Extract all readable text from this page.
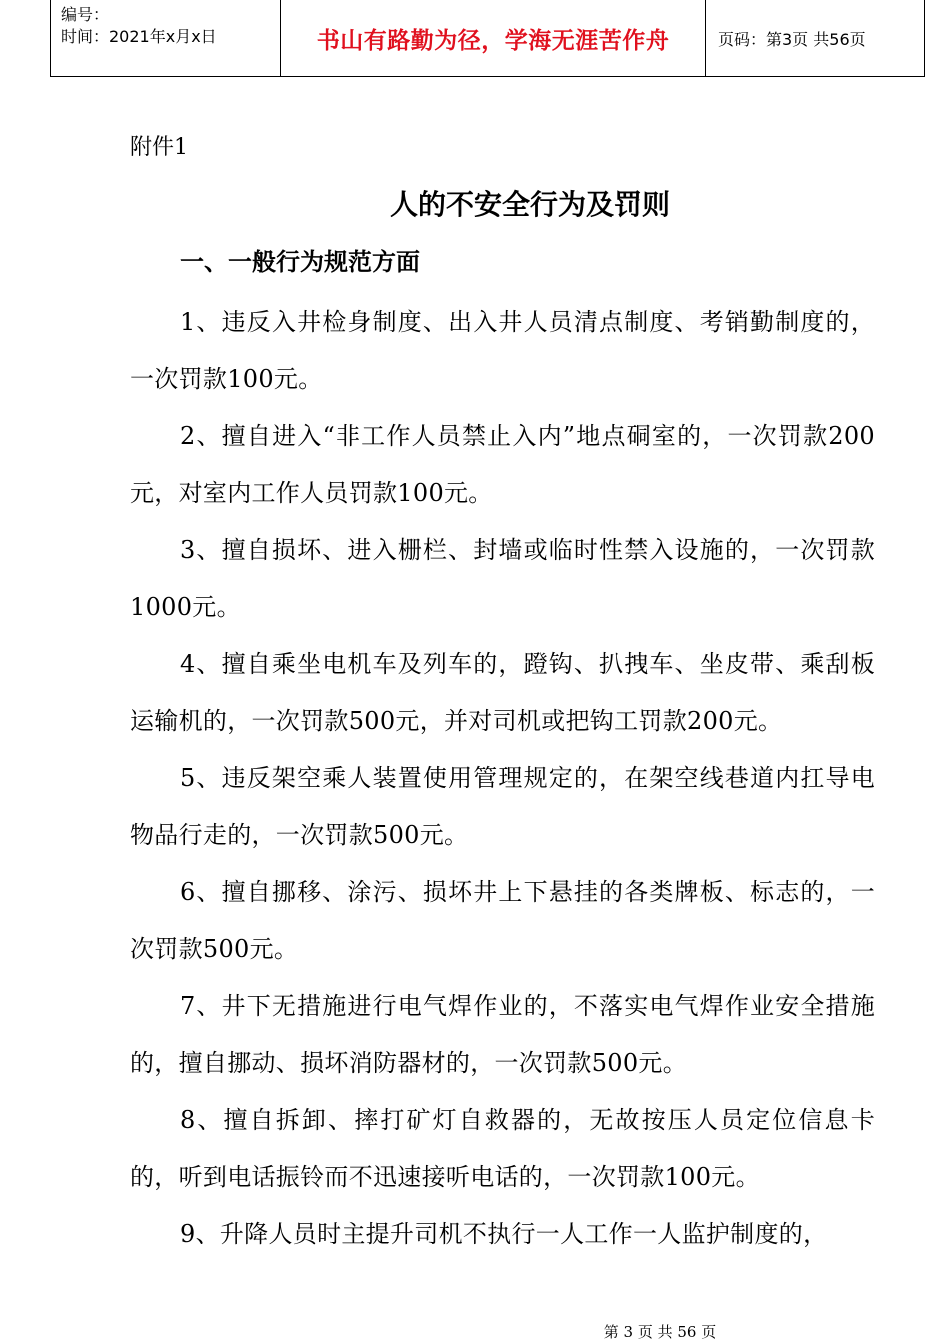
编号：
时间：2021年x月x日	书山有路勤为径，学海无涯苦作舟	页码：第3页 共56页
附件1
人的不安全行为及罚则
一、一般行为规范方面

1、违反入井检身制度、出入井人员清点制度、考销勤制度的，一次罚款100元。

2、擅自进入“非工作人员禁止入内”地点硐室的，一次罚款200元，对室内工作人员罚款100元。

3、擅自损坏、进入栅栏、封墙或临时性禁入设施的，一次罚款1000元。

4、擅自乘坐电机车及列车的，蹬钩、扒拽车、坐皮带、乘刮板运输机的，一次罚款500元，并对司机或把钩工罚款200元。

5、违反架空乘人装置使用管理规定的，在架空线巷道内扛导电物品行走的，一次罚款500元。

6、擅自挪移、涂污、损坏井上下悬挂的各类牌板、标志的，一次罚款500元。

7、井下无措施进行电气焊作业的，不落实电气焊作业安全措施的，擅自挪动、损坏消防器材的，一次罚款500元。

8、擅自拆卸、摔打矿灯自救器的，无故按压人员定位信息卡的，听到电话振铃而不迅速接听电话的，一次罚款100元。

9、升降人员时主提升司机不执行一人工作一人监护制度的，

第 3 页 共 56 页
